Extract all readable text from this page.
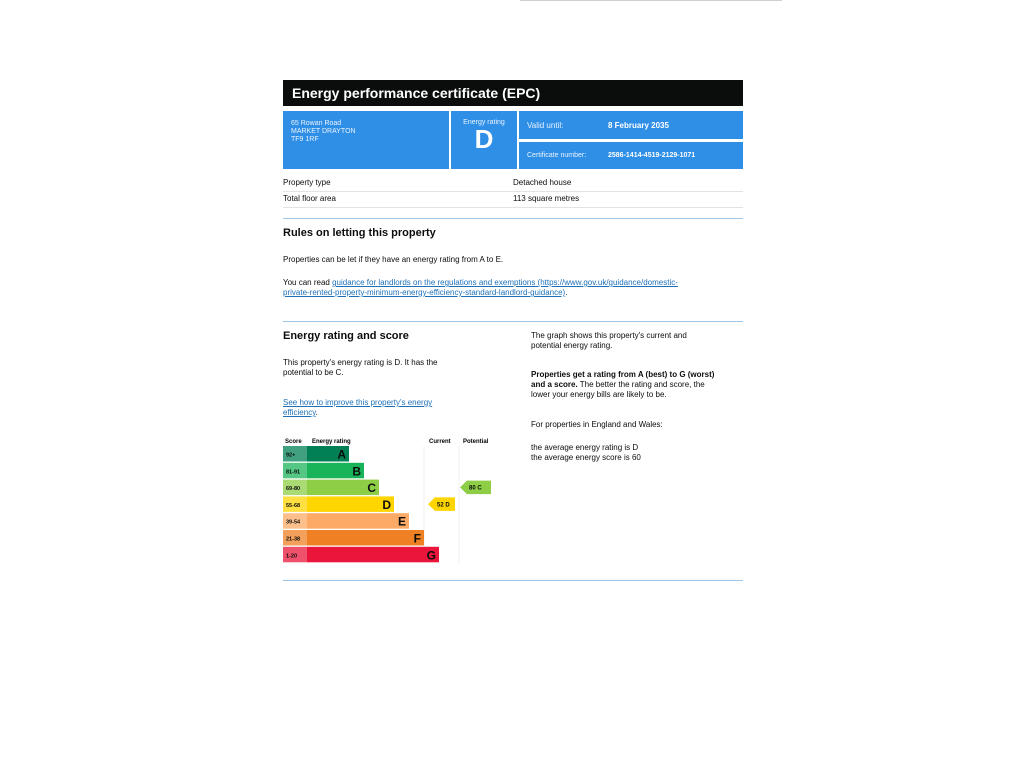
Energy performance certificate (EPC)
65 Rowan Road
MARKET DRAYTON
TF9 1RF
Energy rating
D	Valid until:	8 February 2035
Certificate number:	2586-1414-4519-2129-1071
Property type	Detached house
Total floor area	113 square metres
Rules on letting this property
Properties can be let if they have an energy rating from A to E.
You can read guidance for landlords on the regulations and exemptions (https://www.gov.uk/guidance/domestic-
private-rented-property-minimum-energy-efficiency-standard-landlord-guidance).
Energy rating and score
This property's energy rating is D. It has the
potential to be C.
See how to improve this property's energy
efficiency.
The graph shows this property's current and
potential energy rating.
Properties get a rating from A (best) to G (worst)
and a score. The better the rating and score, the
lower your energy bills are likely to be.
For properties in England and Wales:
the average energy rating is D
the average energy score is 60
Score Energy rating	Current Potential
92+	A
81-91	B
69-80	C
55-68	D
39-54	E
21-38	F
1-20	G
52 D
80 C
